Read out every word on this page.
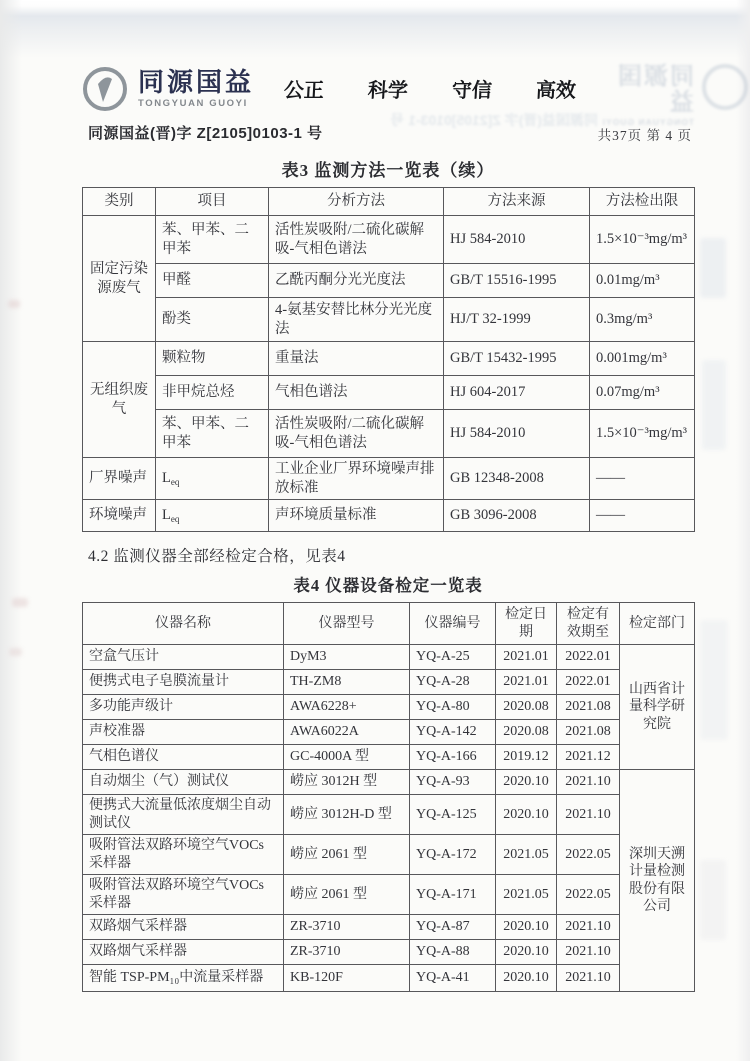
同源国益
TONGYUAN GUOYI
同源国益(晋)字 Z[2105]0103-1 号
同源国益
TONGYUAN GUOYI
公正 科学 守信 高效
同源国益(晋)字 Z[2105]0103-1 号	共37页 第 4 页
表3 监测方法一览表（续）
类别	项目	分析方法	方法来源	方法检出限
固定污染源废气	苯、甲苯、二甲苯	活性炭吸附/二硫化碳解吸-气相色谱法	HJ 584-2010	1.5×10⁻³mg/m³
	甲醛	乙酰丙酮分光光度法	GB/T 15516-1995	0.01mg/m³
	酚类	4-氨基安替比林分光光度法	HJ/T 32-1999	0.3mg/m³
无组织废气	颗粒物	重量法	GB/T 15432-1995	0.001mg/m³
	非甲烷总烃	气相色谱法	HJ 604-2017	0.07mg/m³
	苯、甲苯、二甲苯	活性炭吸附/二硫化碳解吸-气相色谱法	HJ 584-2010	1.5×10⁻³mg/m³
厂界噪声	$L_{eq}$	工业企业厂界环境噪声排放标准	GB 12348-2008	——
环境噪声	$L_{eq}$	声环境质量标准	GB 3096-2008	——
4.2 监测仪器全部经检定合格，见表4
表4 仪器设备检定一览表
仪器名称	仪器型号	仪器编号	检定日期	检定有效期至	检定部门
空盒气压计	DyM3	YQ-A-25	2021.01	2022.01	山西省计量科学研究院
便携式电子皂膜流量计	TH-ZM8	YQ-A-28	2021.01	2022.01	
多功能声级计	AWA6228+	YQ-A-80	2020.08	2021.08	
声校准器	AWA6022A	YQ-A-142	2020.08	2021.08	
气相色谱仪	GC-4000A 型	YQ-A-166	2019.12	2021.12	
自动烟尘（气）测试仪	崂应 3012H 型	YQ-A-93	2020.10	2021.10	深圳天溯计量检测股份有限公司
便携式大流量低浓度烟尘自动测试仪	崂应 3012H-D 型	YQ-A-125	2020.10	2021.10	
吸附管法双路环境空气VOCs 采样器	崂应 2061 型	YQ-A-172	2021.05	2022.05	
吸附管法双路环境空气VOCs 采样器	崂应 2061 型	YQ-A-171	2021.05	2022.05	
双路烟气采样器	ZR-3710	YQ-A-87	2020.10	2021.10	
双路烟气采样器	ZR-3710	YQ-A-88	2020.10	2021.10	
智能 TSP-PM₁₀中流量采样器	KB-120F	YQ-A-41	2020.10	2021.10	
